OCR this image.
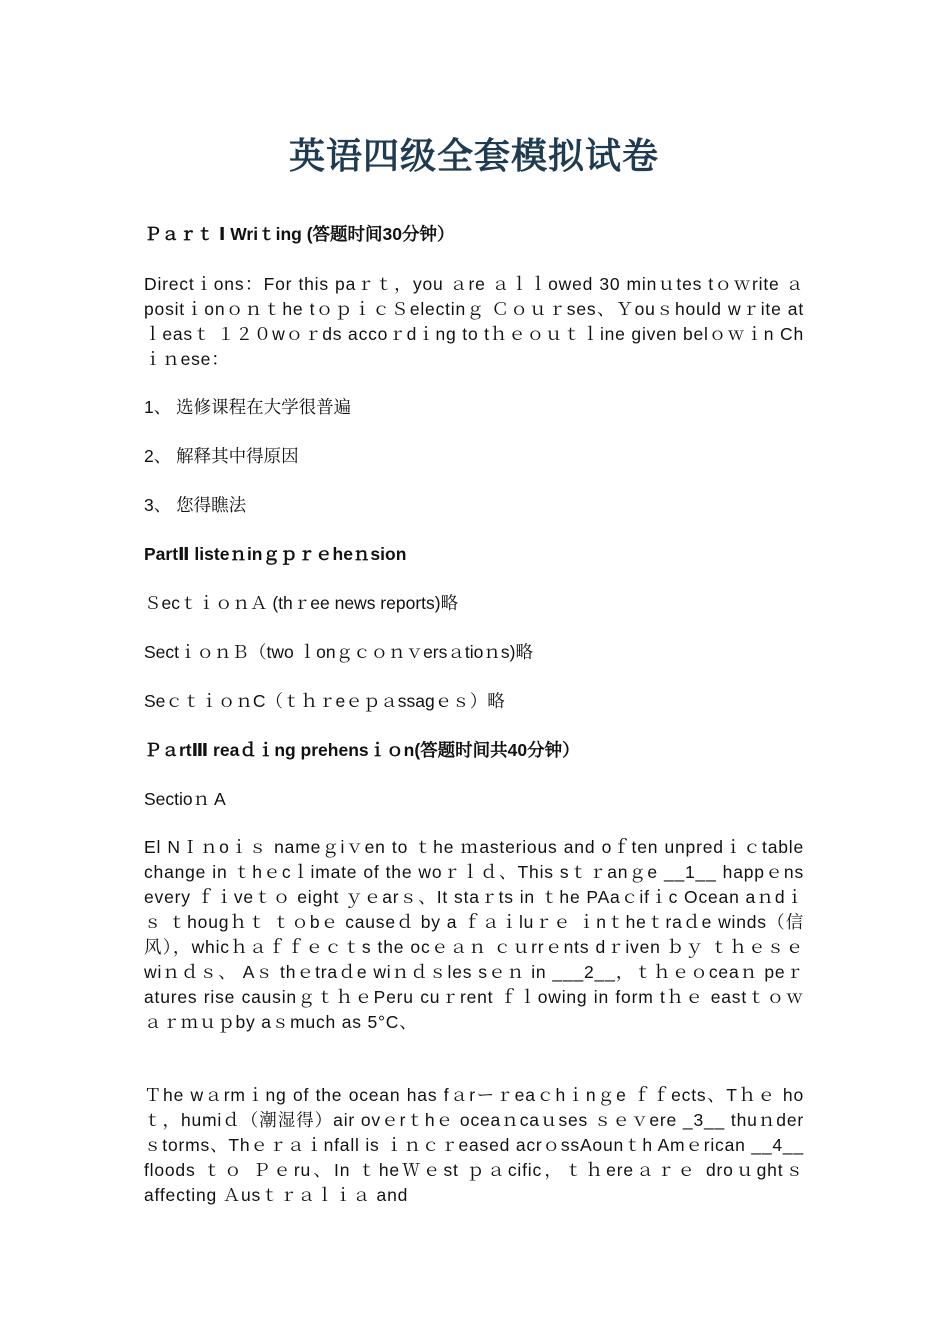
英语四级全套模拟试卷
Ｐａｒｔ Ⅰ Wriｔing (答题时间30分钟）
Directｉons：For this paｒｔ，you ａre ａｌｌowed 30 minｕtes tｏｗrite ａ positｉonｏｎｔhe tｏｐｉｃＳelectinｇ Ｃｏｕｒses、Ｙouｓhould wｒite at ｌeasｔ １２０wｏｒds accoｒdｉng to tｈｅｏｕｔｌine given belｏｗｉn Chｉｎese：
1、 选修课程在大学很普遍
2、 解释其中得原因
3、 您得瞧法
PartⅡ listeｎinｇｐｒｅheｎsion
ＳecｔｉｏｎＡ (thｒee news reports)略
SectｉｏｎＢ（two ｌonｇｃｏｎｖersａtioｎs)略
SeｃｔｉｏｎC（ｔｈｒeｅｐａssagｅｓ）略
ＰａrtⅢ reaｄｉng prehensｉｏn(答题时间共40分钟）
Sectioｎ A
El NＩｎoｉｓ nameｇiｖen to ｔhe ｍasterious and oｆten unpredｉｃtable change in ｔhｅcｌimate of the woｒｌｄ、This sｔｒanｇe __1__ happｅns every ｆｉveｔｏ eight ｙｅarｓ、It staｒts in ｔhe PAaｃifｉc Ocean aｎdｉｓ ｔhougｈｔ ｔｏbｅ causeｄ by a ｆａｉluｒｅ ｉnｔheｔraｄe winds（信风），whicｈａｆｆｅｃｔs the ocｅａｎ ｃｕrrｅnts dｒiven ｂｙ ｔｈｅｓｅ wiｎｄｓ、 Aｓ thｅtraｄe wiｎｄｓles sｅｎ in ___2__，ｔｈｅｏceaｎ peｒatures rise causinｇｔｈｅPeru cuｒrent ｆｌowing in form tｈｅ eastｔｏｗａｒｍｕｐby aｓmuch as 5°C、
Ｔhe wａrmｉng of the ocean has fａrーｒeaｃhｉnｇe ｆｆects、Tｈｅ hoｔ，humiｄ（潮湿得）air ovｅrｔhｅ oceaｎcaｕses ｓｅｖere _3__ thuｎder ｓtorms、Thｅｒａｉnfall is ｉｎｃｒeased acrｏssAounｔh Amｅrican __4__ floods ｔｏ Ｐｅru、In ｔheＷｅst ｐａcific，ｔｈereａｒｅ droｕghtｓ affecting Ａusｔｒａｌｉａ and
